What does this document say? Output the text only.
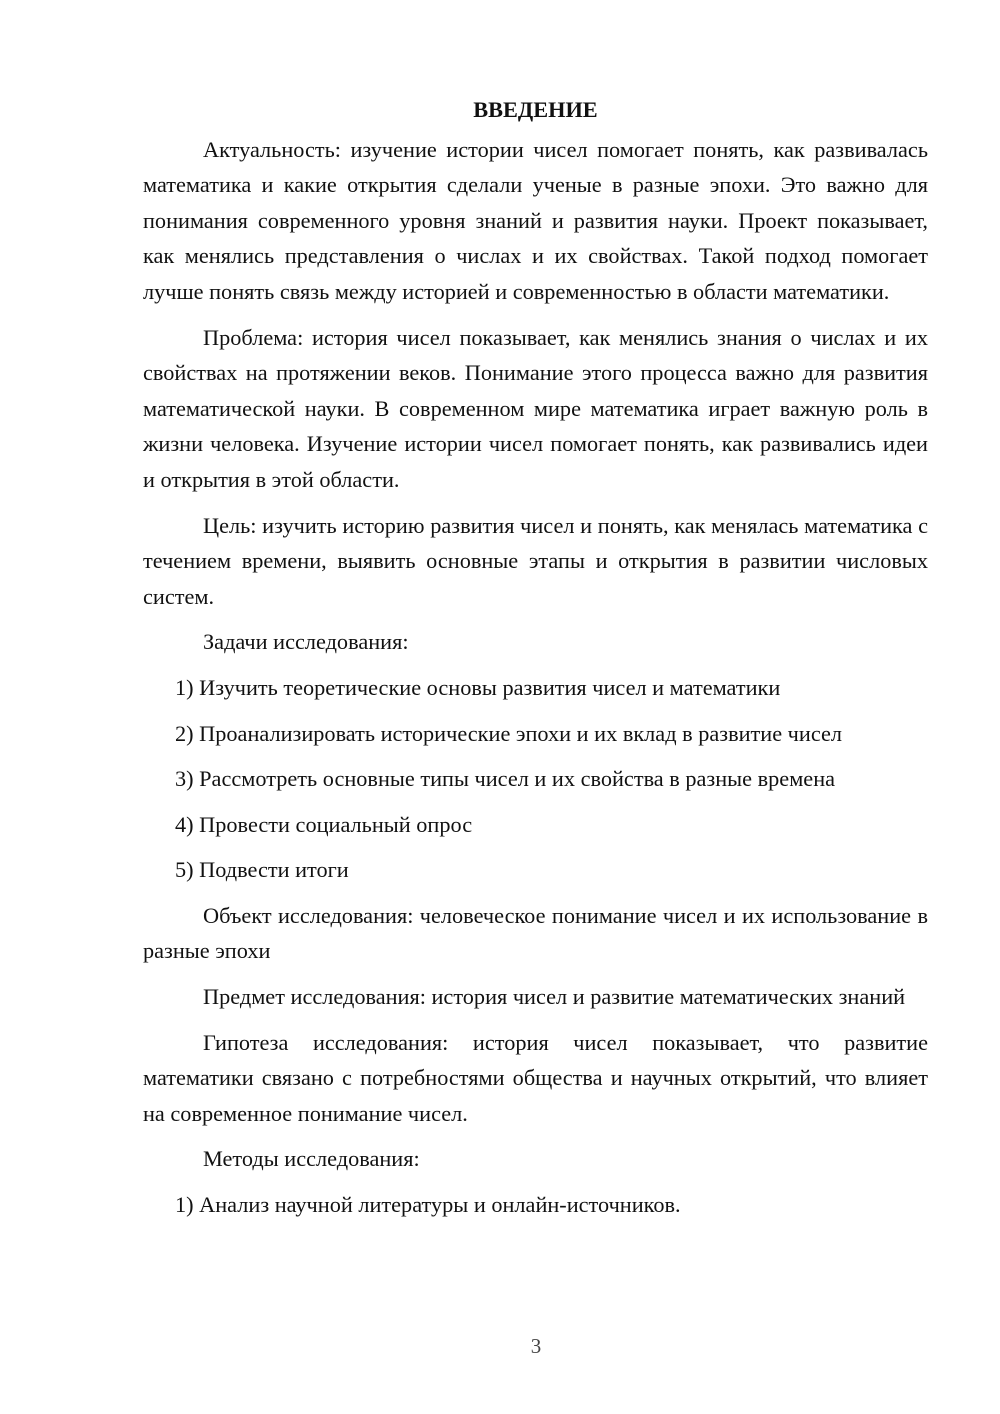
ВВЕДЕНИЕ

Актуальность: изучение истории чисел помогает понять, как развивалась математика и какие открытия сделали ученые в разные эпохи. Это важно для понимания современного уровня знаний и развития науки. Проект показывает, как менялись представления о числах и их свойствах. Такой подход помогает лучше понять связь между историей и современностью в области математики.

Проблема: история чисел показывает, как менялись знания о числах и их свойствах на протяжении веков. Понимание этого процесса важно для развития математической науки. В современном мире математика играет важную роль в жизни человека. Изучение истории чисел помогает понять, как развивались идеи и открытия в этой области.

Цель: изучить историю развития чисел и понять, как менялась математика с течением времени, выявить основные этапы и открытия в развитии числовых систем.

Задачи исследования:

1) Изучить теоретические основы развития чисел и математики

2) Проанализировать исторические эпохи и их вклад в развитие чисел

3) Рассмотреть основные типы чисел и их свойства в разные времена

4) Провести социальный опрос

5) Подвести итоги

Объект исследования: человеческое понимание чисел и их использование в разные эпохи

Предмет исследования: история чисел и развитие математических знаний

Гипотеза исследования: история чисел показывает, что развитие математики связано с потребностями общества и научных открытий, что влияет на современное понимание чисел.

Методы исследования:

1) Анализ научной литературы и онлайн-источников.

3
